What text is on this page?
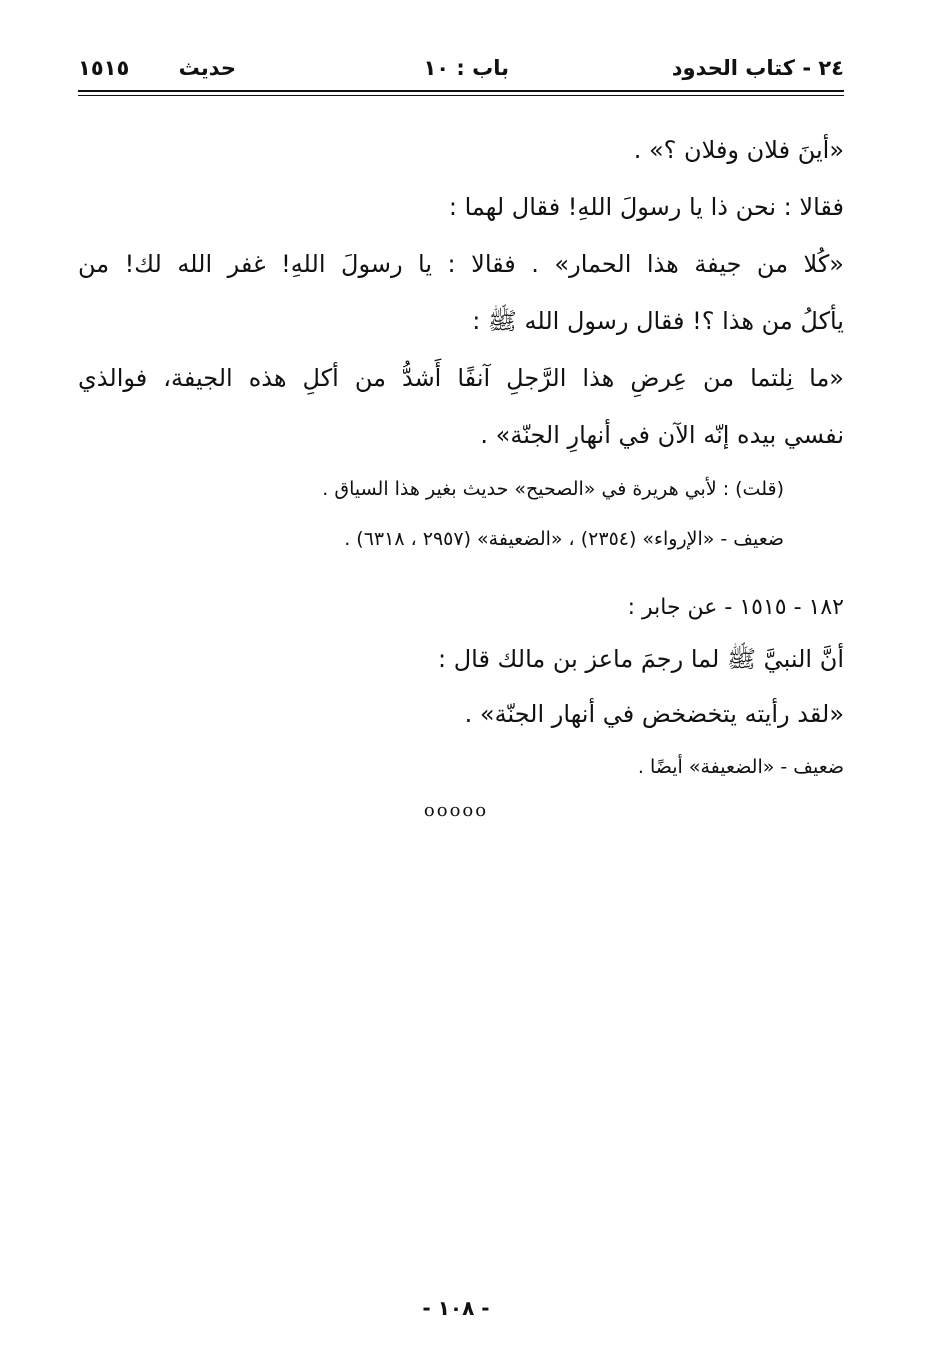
٢٤ - كتاب الحدود
باب : ١٠
حديث ١٥١٥
«أينَ فلان وفلان ؟» .
فقالا : نحن ذا يا رسولَ اللهِ! فقال لهما :
«كُلا من جيفة هذا الحمار» . فقالا : يا رسولَ اللهِ! غفر الله لك! من
يأكلُ من هذا ؟! فقال رسول الله ﷺ :
«ما نِلتما من عِرضِ هذا الرَّجلِ آنفًا أَشدُّ من أكلِ هذه الجيفة، فوالذي
نفسي بيده إنّه الآن في أنهارِ الجنّة» .
(قلت) : لأبي هريرة في «الصحيح» حديث بغير هذا السياق .
ضعيف - «الإرواء» (٢٣٥٤) ، «الضعيفة» (٢٩٥٧ ، ٦٣١٨) .
١٨٢ - ١٥١٥ - عن جابر :
أنَّ النبيَّ ﷺ لما رجمَ ماعز بن مالك قال :
«لقد رأيته يتخضخض في أنهار الجنّة» .
ضعيف - «الضعيفة» أيضًا .
ooooo
- ١٠٨ -
